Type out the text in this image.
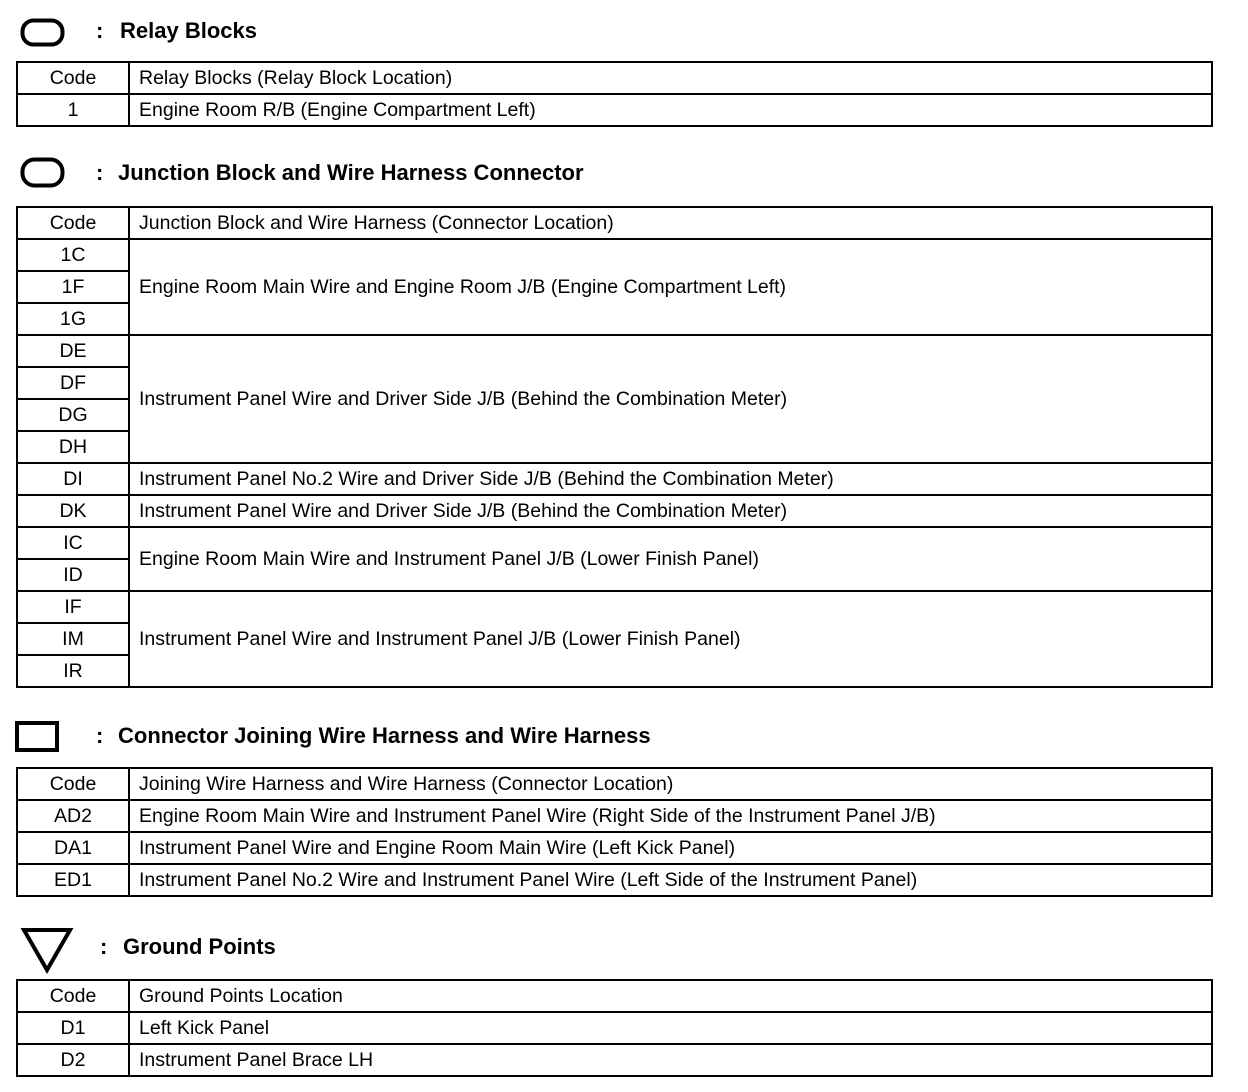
: Relay Blocks
Code	Relay Blocks (Relay Block Location)
1	Engine Room R/B (Engine Compartment Left)
: Junction Block and Wire Harness Connector
Code	Junction Block and Wire Harness (Connector Location)
1C	Engine Room Main Wire and Engine Room J/B (Engine Compartment Left)
1F	
1G	
DE	Instrument Panel Wire and Driver Side J/B (Behind the Combination Meter)
DF	
DG	
DH	
DI	Instrument Panel No.2 Wire and Driver Side J/B (Behind the Combination Meter)
DK	Instrument Panel Wire and Driver Side J/B (Behind the Combination Meter)
IC	Engine Room Main Wire and Instrument Panel J/B (Lower Finish Panel)
ID	
IF	Instrument Panel Wire and Instrument Panel J/B (Lower Finish Panel)
IM	
IR	
: Connector Joining Wire Harness and Wire Harness
Code	Joining Wire Harness and Wire Harness (Connector Location)
AD2	Engine Room Main Wire and Instrument Panel Wire (Right Side of the Instrument Panel J/B)
DA1	Instrument Panel Wire and Engine Room Main Wire (Left Kick Panel)
ED1	Instrument Panel No.2 Wire and Instrument Panel Wire (Left Side of the Instrument Panel)
: Ground Points
Code	Ground Points Location
D1	Left Kick Panel
D2	Instrument Panel Brace LH
